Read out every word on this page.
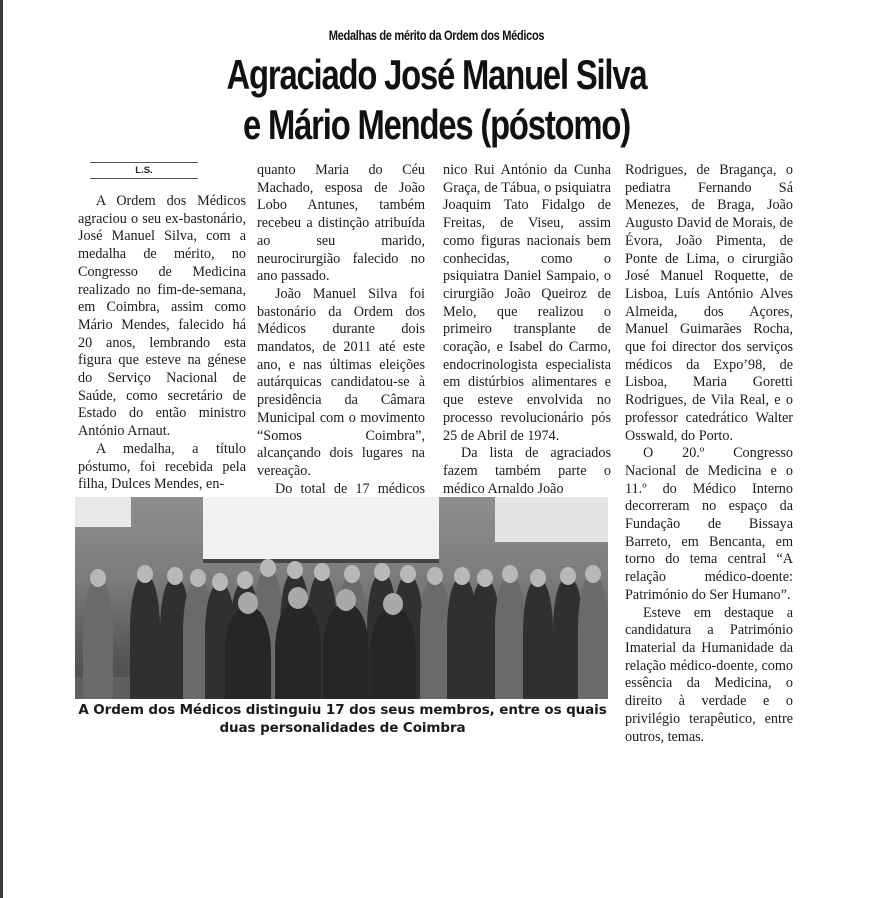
Medalhas de mérito da Ordem dos Médicos
Agraciado José Manuel Silva
e Mário Mendes (póstomo)
L.S.

A Ordem dos Médicos agraciou o seu ex-bastonário, José Manuel Silva, com a medalha de mérito, no Congresso de Medicina realizado no fim-de-semana, em Coimbra, assim como Mário Mendes, falecido há 20 anos, lembrando esta figura que esteve na génese do Serviço Nacional de Saúde, como secretário de Estado do então ministro António Arnaut.

A medalha, a título póstumo, foi recebida pela filha, Dulces Mendes, en-

quanto Maria do Céu Machado, esposa de João Lobo Antunes, também recebeu a distinção atribuída ao seu marido, neurocirurgião falecido no ano passado.

João Manuel Silva foi bastonário da Ordem dos Médicos durante dois mandatos, de 2011 até este ano, e nas últimas eleições autárquicas candidatou-se à presidência da Câmara Municipal com o movimento “Somos Coimbra”, alcançando dois lugares na vereação.

Do total de 17 médicos

nico Rui António da Cunha Graça, de Tábua, o psiquiatra Joaquim Tato Fidalgo de Freitas, de Viseu, assim como figuras nacionais bem conhecidas, como o psiquiatra Daniel Sampaio, o cirurgião João Queiroz de Melo, que realizou o primeiro transplante de coração, e Isabel do Carmo, endocrinologista especialista em distúrbios alimentares e que esteve envolvida no processo revolucionário pós 25 de Abril de 1974.

Da lista de agraciados fazem também parte o médico Arnaldo João

Rodrigues, de Bragança, o pediatra Fernando Sá Menezes, de Braga, João Augusto David de Morais, de Évora, João Pimenta, de Ponte de Lima, o cirurgião José Manuel Roquette, de Lisboa, Luís António Alves Almeida, dos Açores, Manuel Guimarães Rocha, que foi director dos serviços médicos da Expo’98, de Lisboa, Maria Goretti Rodrigues, de Vila Real, e o professor catedrático Walter Osswald, do Porto.

O 20.º Congresso Nacional de Medicina e o 11.º do Médico Interno decorreram no espaço da Fundação de Bissaya Barreto, em Bencanta, em torno do tema central “A relação médico-doente: Património do Ser Humano”.

Esteve em destaque a candidatura a Património Imaterial da Humanidade da relação médico-doente, como essência da Medicina, o direito à verdade e o privilégio terapêutico, entre outros, temas.

A Ordem dos Médicos distinguiu 17 dos seus membros, entre os quais duas personalidades de Coimbra
